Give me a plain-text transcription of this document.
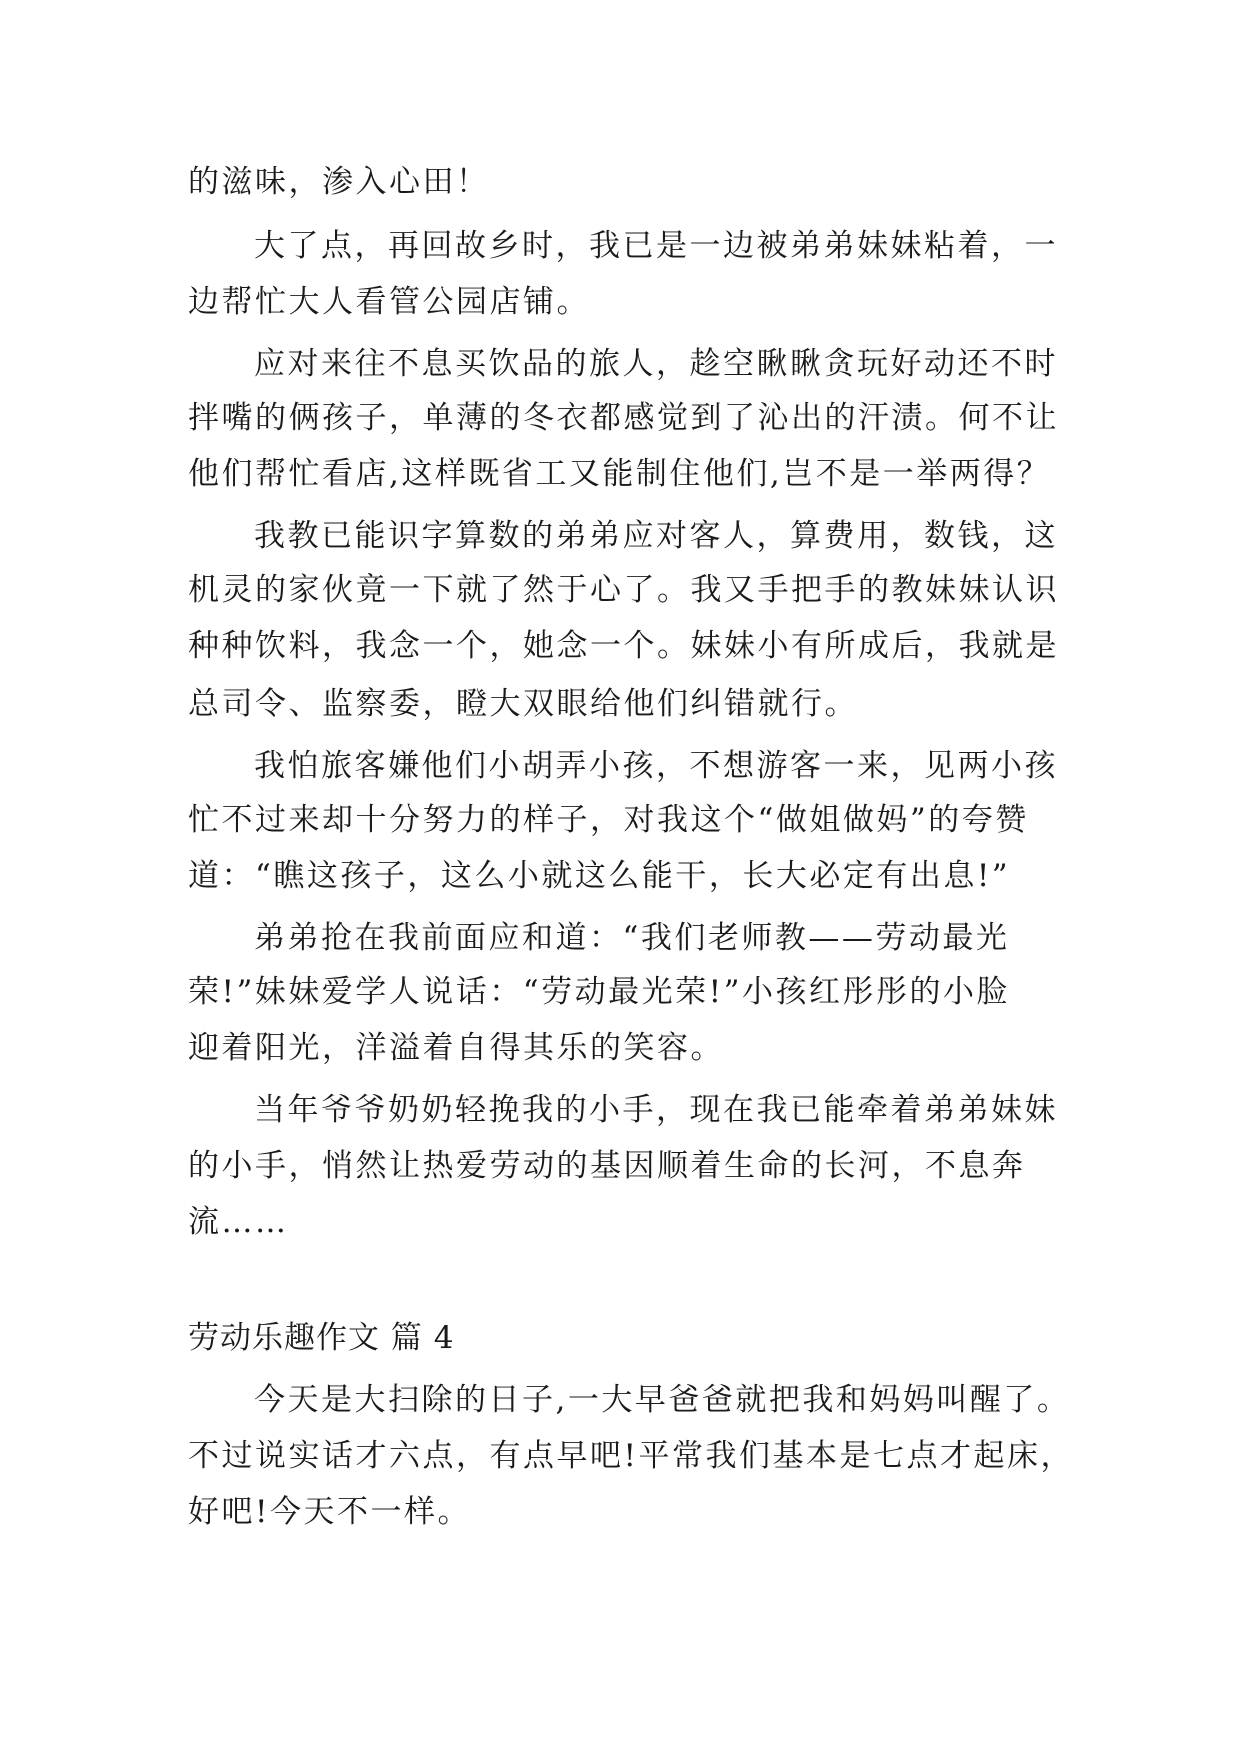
的滋味，渗入心田！
大了点，再回故乡时，我已是一边被弟弟妹妹粘着，一
边帮忙大人看管公园店铺。
应对来往不息买饮品的旅人，趁空瞅瞅贪玩好动还不时
拌嘴的俩孩子，单薄的冬衣都感觉到了沁出的汗渍。何不让
他们帮忙看店,这样既省工又能制住他们,岂不是一举两得？
我教已能识字算数的弟弟应对客人，算费用，数钱，这
机灵的家伙竟一下就了然于心了。我又手把手的教妹妹认识
种种饮料，我念一个，她念一个。妹妹小有所成后，我就是
总司令、监察委，瞪大双眼给他们纠错就行。
我怕旅客嫌他们小胡弄小孩，不想游客一来，见两小孩
忙不过来却十分努力的样子，对我这个“做姐做妈”的夸赞
道：“瞧这孩子，这么小就这么能干，长大必定有出息!”
弟弟抢在我前面应和道：“我们老师教——劳动最光
荣!”妹妹爱学人说话：“劳动最光荣!”小孩红彤彤的小脸
迎着阳光，洋溢着自得其乐的笑容。
当年爷爷奶奶轻挽我的小手，现在我已能牵着弟弟妹妹
的小手，悄然让热爱劳动的基因顺着生命的长河，不息奔
流……
劳动乐趣作文 篇 4
今天是大扫除的日子,一大早爸爸就把我和妈妈叫醒了。
不过说实话才六点，有点早吧!平常我们基本是七点才起床，
好吧!今天不一样。
